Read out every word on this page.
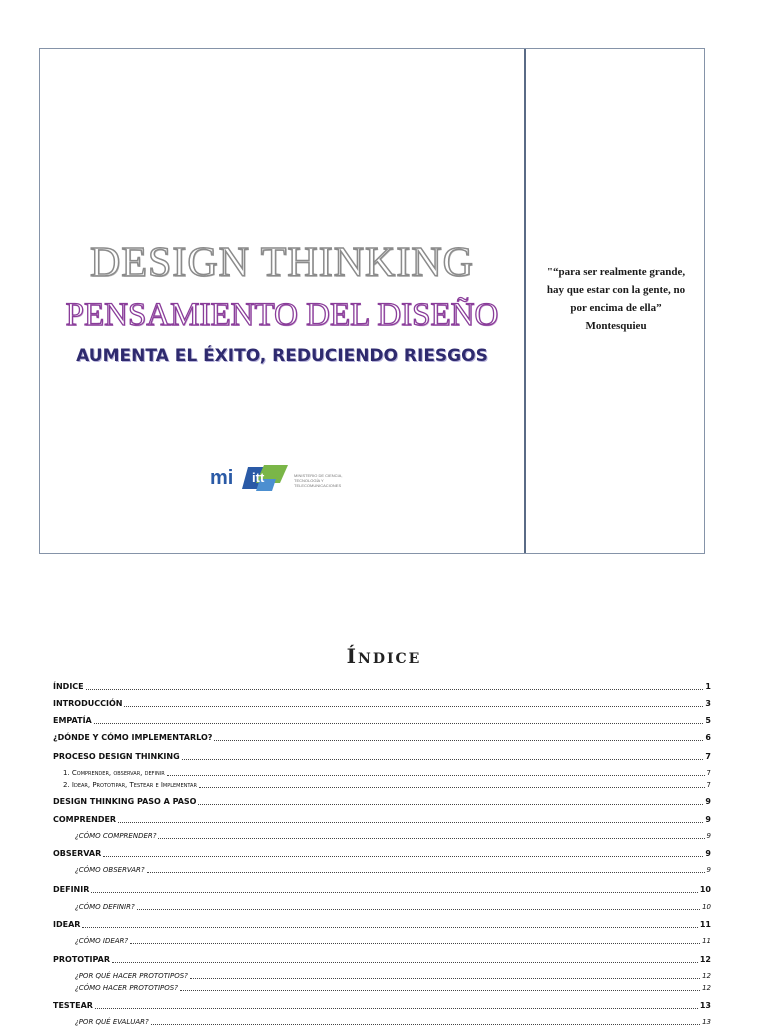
DESIGN THINKING
PENSAMIENTO DEL DISEÑO
AUMENTA EL ÉXITO, REDUCIENDO RIESGOS
mi itt	MINISTERIO DE CIENCIA, TECNOLOGÍA Y TELECOMUNICACIONES
"“para ser realmente grande,
hay que estar con la gente, no
por encima de ella”
Montesquieu
Índice
ÍNDICE	1
INTRODUCCIÓN	3
EMPATÍA	5
¿DÓNDE Y CÓMO IMPLEMENTARLO?	6
PROCESO DESIGN THINKING	7
1. Comprender, observar, definir	7
2. Idear, Prototipar, Testear e Implementar	7
DESIGN THINKING PASO A PASO	9
COMPRENDER	9
¿CÓMO COMPRENDER?	9
OBSERVAR	9
¿CÓMO OBSERVAR?	9
DEFINIR	10
¿CÓMO DEFINIR?	10
IDEAR	11
¿CÓMO IDEAR?	11
PROTOTIPAR	12
¿POR QUÉ HACER PROTOTIPOS?	12
¿CÓMO HACER PROTOTIPOS?	12
TESTEAR	13
¿POR QUÉ EVALUAR?	13
